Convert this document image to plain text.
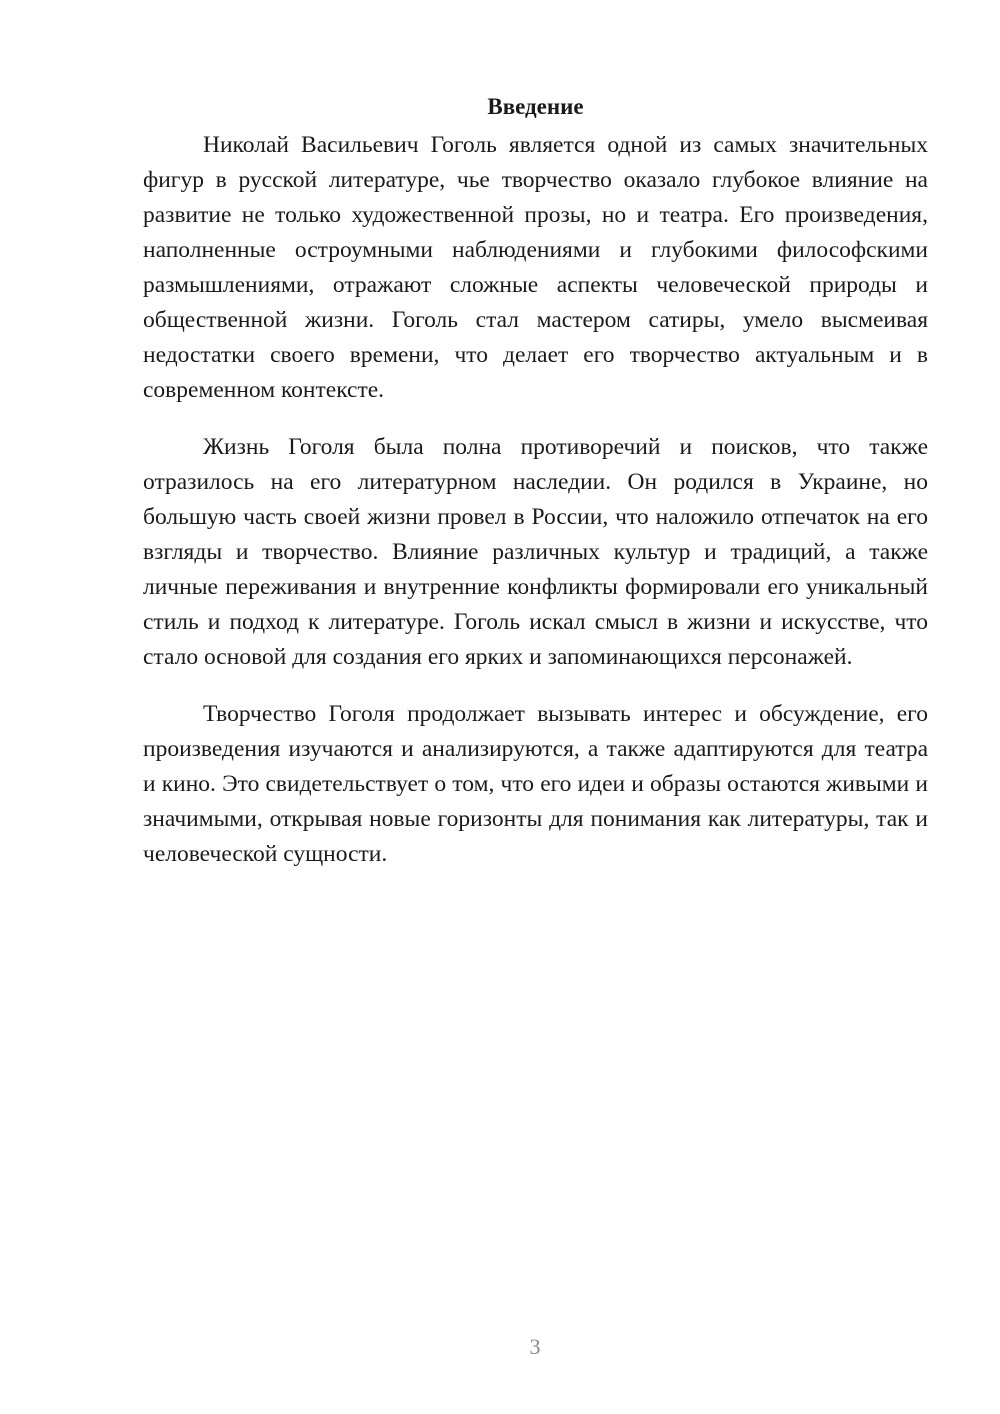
Введение

Николай Васильевич Гоголь является одной из самых значительных фигур в русской литературе, чье творчество оказало глубокое влияние на развитие не только художественной прозы, но и театра. Его произведения, наполненные остроумными наблюдениями и глубокими философскими размышлениями, отражают сложные аспекты человеческой природы и общественной жизни. Гоголь стал мастером сатиры, умело высмеивая недостатки своего времени, что делает его творчество актуальным и в современном контексте.

Жизнь Гоголя была полна противоречий и поисков, что также отразилось на его литературном наследии. Он родился в Украине, но большую часть своей жизни провел в России, что наложило отпечаток на его взгляды и творчество. Влияние различных культур и традиций, а также личные переживания и внутренние конфликты формировали его уникальный стиль и подход к литературе. Гоголь искал смысл в жизни и искусстве, что стало основой для создания его ярких и запоминающихся персонажей.

Творчество Гоголя продолжает вызывать интерес и обсуждение, его произведения изучаются и анализируются, а также адаптируются для театра и кино. Это свидетельствует о том, что его идеи и образы остаются живыми и значимыми, открывая новые горизонты для понимания как литературы, так и человеческой сущности.

3
